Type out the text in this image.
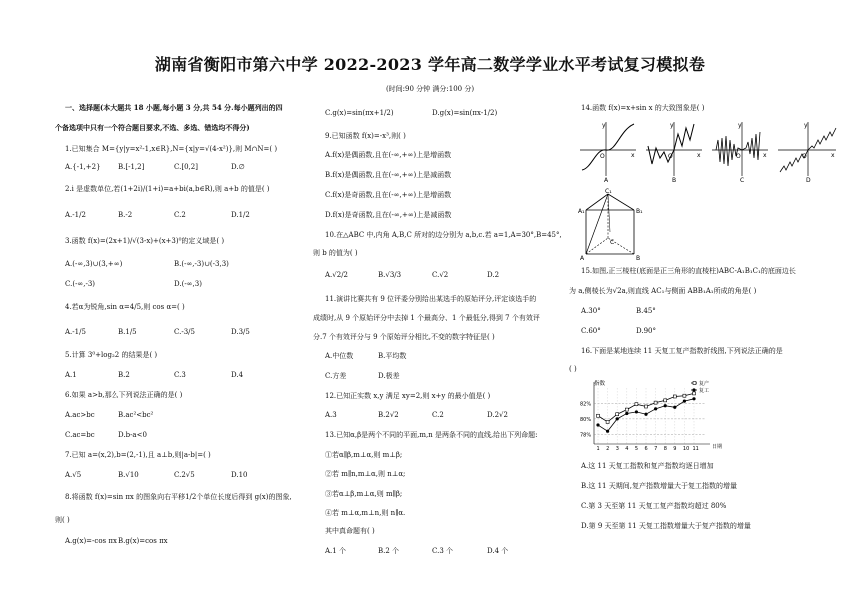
湖南省衡阳市第六中学 2022-2023 学年高二数学学业水平考试复习模拟卷
(时间:90 分钟 满分:100 分)
一、选择题(本大题共 18 小题,每小题 3 分,共 54 分.每小题列出的四
个备选项中只有一个符合题目要求,不选、多选、错选均不得分)
1.已知集合 M={y|y=x²-1,x∈R},N={x|y=√(4-x²)},则 M∩N=( )
A.{-1,+2} B.[-1,2]	C.[0,2]	D.∅
2.i 是虚数单位,若(1+2i)/(1+i)=a+bi(a,b∈R),则 a+b 的值是( )
A.-1/2	B.-2	C.2	D.1/2
3.函数 f(x)=(2x+1)/√(3-x)+(x+3)⁰的定义域是( )
A.(-∞,3)∪(3,+∞)	B.(-∞,-3)∪(-3,3)
C.(-∞,-3)	D.(-∞,3)
4.若α为锐角,sin α=4/5,则 cos α=( )
A.-1/5	B.1/5	C.-3/5	D.3/5
5.计算 3⁰+log₂2 的结果是( )
A.1	B.2	C.3	D.4
6.如果 a>b,那么下列说法正确的是( )
A.ac>bc	B.ac²<bc²
C.ac=bc	D.b-a<0
7.已知 a=(x,2),b=(2,-1),且 a⊥b,则|a-b|=( )
A.√5	B.√10	C.2√5	D.10
8.将函数 f(x)=sin πx 的图象向右平移1/2个单位长度后得到 g(x)的图象,
则( )
A.g(x)=-cos πx B.g(x)=cos πx
C.g(x)=sin(πx+1/2)	D.g(x)=sin(πx-1/2)
9.已知函数 f(x)=-x³,则( )
A.f(x)是偶函数,且在(-∞,+∞)上是增函数
B.f(x)是偶函数,且在(-∞,+∞)上是减函数
C.f(x)是奇函数,且在(-∞,+∞)上是增函数
D.f(x)是奇函数,且在(-∞,+∞)上是减函数
10.在△ABC 中,内角 A,B,C 所对的边分别为 a,b,c.若 a=1,A=30°,B=45°,
则 b 的值为( )
A.√2/2	B.√3/3	C.√2	D.2
11.演讲比赛共有 9 位评委分别给出某选手的原始评分,评定该选手的
成绩时,从 9 个原始评分中去掉 1 个最高分、1 个最低分,得到 7 个有效评
分.7 个有效评分与 9 个原始评分相比,不变的数字特征是( )
A.中位数	B.平均数
C.方差	D.极差
12.已知正实数 x,y 满足 xy=2,则 x+y 的最小值是( )
A.3	B.2√2	C.2	D.2√2
13.已知α,β是两个不同的平面,m,n 是两条不同的直线,给出下列命题:
①若α∥β,m⊥α,则 m⊥β;
②若 m∥n,m⊥α,则 n⊥α;
③若α⊥β,m⊥α,则 m∥β;
④若 m⊥α,m⊥n,则 n∥α.
其中真命题有( )
A.1 个	B.2 个	C.3 个	D.4 个
14.函数 f(x)=x+sin x 的大致图象是( )
y
x
O
A
y
x
O
B
y
x
O
C
y
x
O
D
C₁
A₁	B₁
C
A	B
15.如图,正三棱柱(底面是正三角形的直棱柱)ABC-A₁B₁C₁的底面边长
为 a,侧棱长为√2a,则直线 AC₁与侧面 ABB₁A₁所成的角是( )
A.30°	B.45°
C.60°	D.90°
16.下面是某地连续 11 天复工复产指数折线图,下列说法正确的是
( )
指数
日期
82%
80%
78%
1 2 3 4 5 6 7 8 9 10 11
复产
复工
A.这 11 天复工指数和复产指数均逐日增加
B.这 11 天期间,复产指数增量大于复工指数的增量
C.第 3 天至第 11 天复工复产指数均超过 80%
D.第 9 天至第 11 天复工指数增量大于复产指数的增量
